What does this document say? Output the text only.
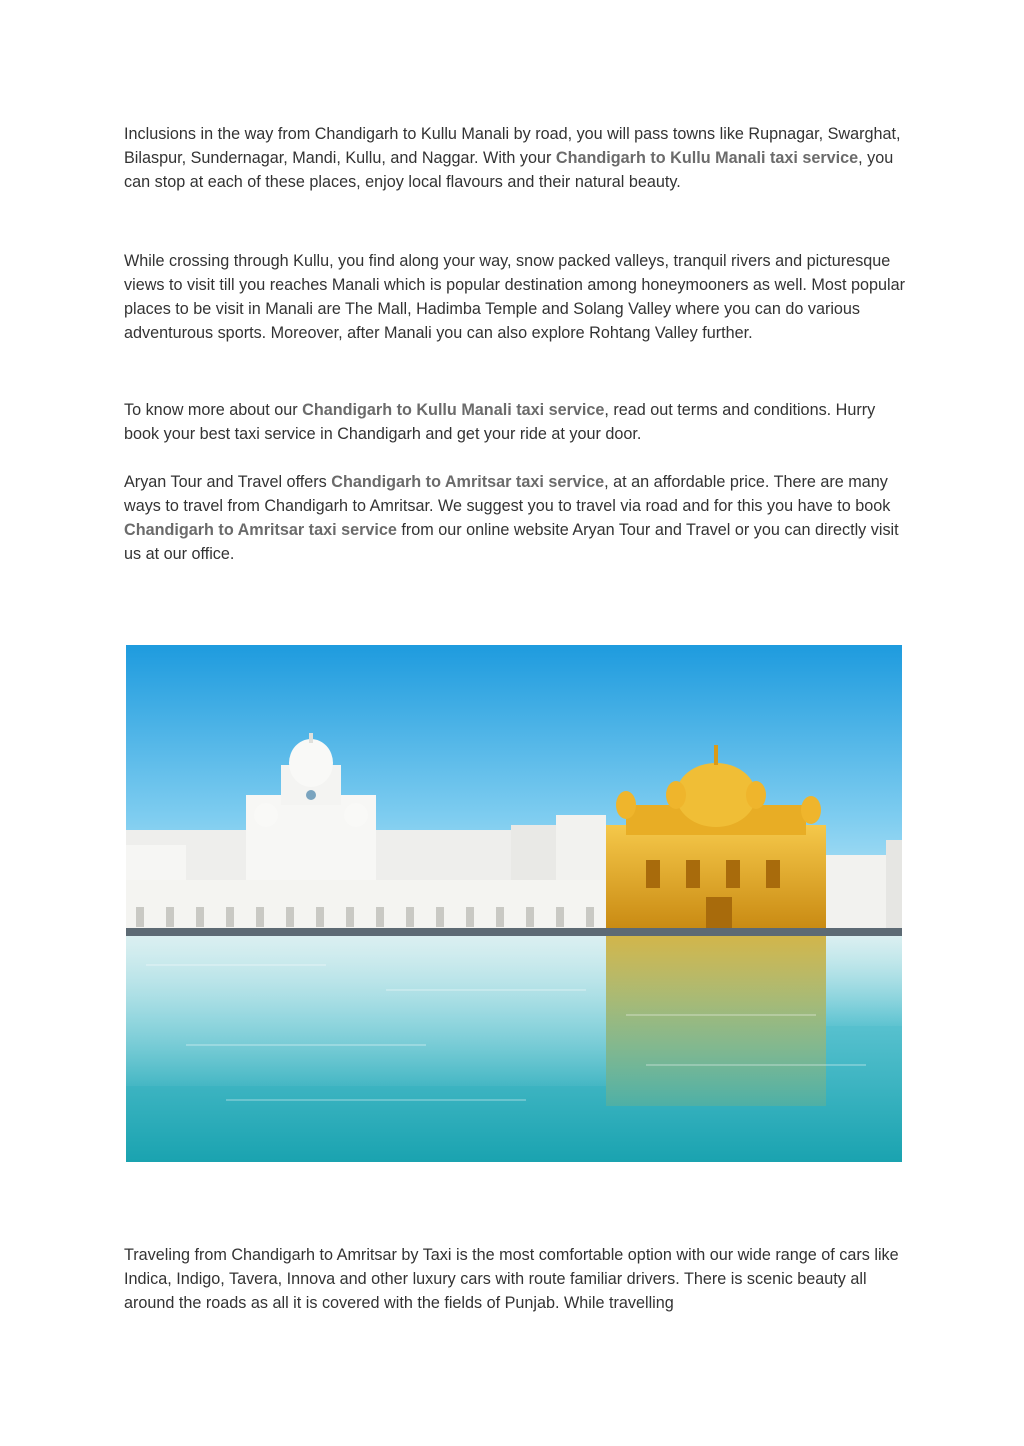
Inclusions in the way from Chandigarh to Kullu Manali by road, you will pass towns like Rupnagar, Swarghat, Bilaspur, Sundernagar, Mandi, Kullu, and Naggar. With your Chandigarh to Kullu Manali taxi service, you can stop at each of these places, enjoy local flavours and their natural beauty.

While crossing through Kullu, you find along your way, snow packed valleys, tranquil rivers and picturesque views to visit till you reaches Manali which is popular destination among honeymooners as well. Most popular places to be visit in Manali are The Mall, Hadimba Temple and Solang Valley where you can do various adventurous sports. Moreover, after Manali you can also explore Rohtang Valley further.

To know more about our Chandigarh to Kullu Manali taxi service, read out terms and conditions. Hurry book your best taxi service in Chandigarh and get your ride at your door.

Aryan Tour and Travel offers Chandigarh to Amritsar taxi service, at an affordable price. There are many ways to travel from Chandigarh to Amritsar. We suggest you to travel via road and for this you have to book Chandigarh to Amritsar taxi service from our online website Aryan Tour and Travel or you can directly visit us at our office.

Traveling from Chandigarh to Amritsar by Taxi is the most comfortable option with our wide range of cars like Indica, Indigo, Tavera, Innova and other luxury cars with route familiar drivers. There is scenic beauty all around the roads as all it is covered with the fields of Punjab. While travelling
